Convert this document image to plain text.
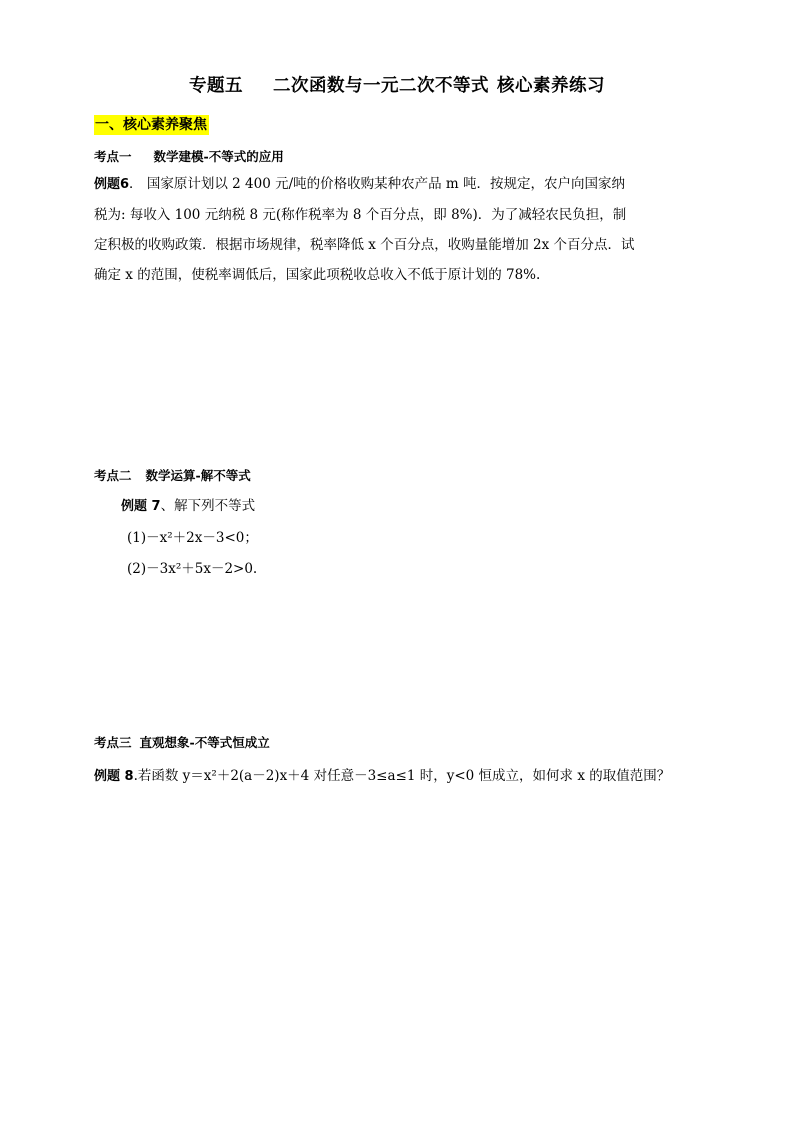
专题五 二次函数与一元二次不等式 核心素养练习
一、核心素养聚焦
考点一 数学建模-不等式的应用
例题6． 国家原计划以 2 400 元/吨的价格收购某种农产品 m 吨．按规定，农户向国家纳
税为: 每收入 100 元纳税 8 元(称作税率为 8 个百分点，即 8%)．为了减轻农民负担，制
定积极的收购政策．根据市场规律，税率降低 x 个百分点，收购量能增加 2x 个百分点．试
确定 x 的范围，使税率调低后，国家此项税收总收入不低于原计划的 78%.
考点二 数学运算-解不等式
例题 7、解下列不等式
(1)－x²＋2x－3<0；
(2)－3x²＋5x－2>0.
考点三 直观想象-不等式恒成立
例题 8.若函数 y＝x²＋2(a－2)x＋4 对任意－3≤a≤1 时，y<0 恒成立，如何求 x 的取值范围？
